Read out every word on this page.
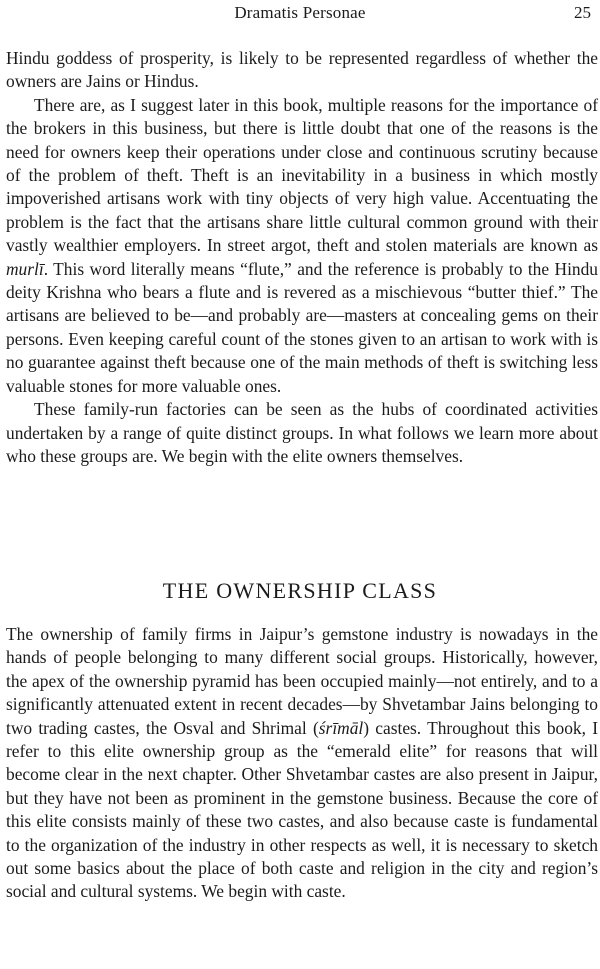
Dramatis Personae	25

Hindu goddess of prosperity, is likely to be represented regardless of whether the owners are Jains or Hindus.

There are, as I suggest later in this book, multiple reasons for the importance of the brokers in this business, but there is little doubt that one of the reasons is the need for owners keep their operations under close and continuous scrutiny because of the problem of theft. Theft is an inevitability in a business in which mostly impoverished artisans work with tiny objects of very high value. Accentuating the problem is the fact that the artisans share little cultural common ground with their vastly wealthier employers. In street argot, theft and stolen materials are known as murlī. This word literally means “flute,” and the reference is probably to the Hindu deity Krishna who bears a flute and is revered as a mischievous “butter thief.” The artisans are believed to be—and probably are—masters at concealing gems on their persons. Even keeping careful count of the stones given to an artisan to work with is no guarantee against theft because one of the main methods of theft is switching less valuable stones for more valuable ones.

These family-run factories can be seen as the hubs of coordinated activities undertaken by a range of quite distinct groups. In what follows we learn more about who these groups are. We begin with the elite owners themselves.

THE OWNERSHIP CLASS

The ownership of family firms in Jaipur’s gemstone industry is nowadays in the hands of people belonging to many different social groups. Historically, however, the apex of the ownership pyramid has been occupied mainly—not entirely, and to a significantly attenuated extent in recent decades—by Shvetambar Jains belonging to two trading castes, the Osval and Shrimal (śrīmāl) castes. Throughout this book, I refer to this elite ownership group as the “emerald elite” for reasons that will become clear in the next chapter. Other Shvetambar castes are also present in Jaipur, but they have not been as prominent in the gemstone business. Because the core of this elite consists mainly of these two castes, and also because caste is fundamental to the organization of the industry in other respects as well, it is necessary to sketch out some basics about the place of both caste and religion in the city and region’s social and cultural systems. We begin with caste.
